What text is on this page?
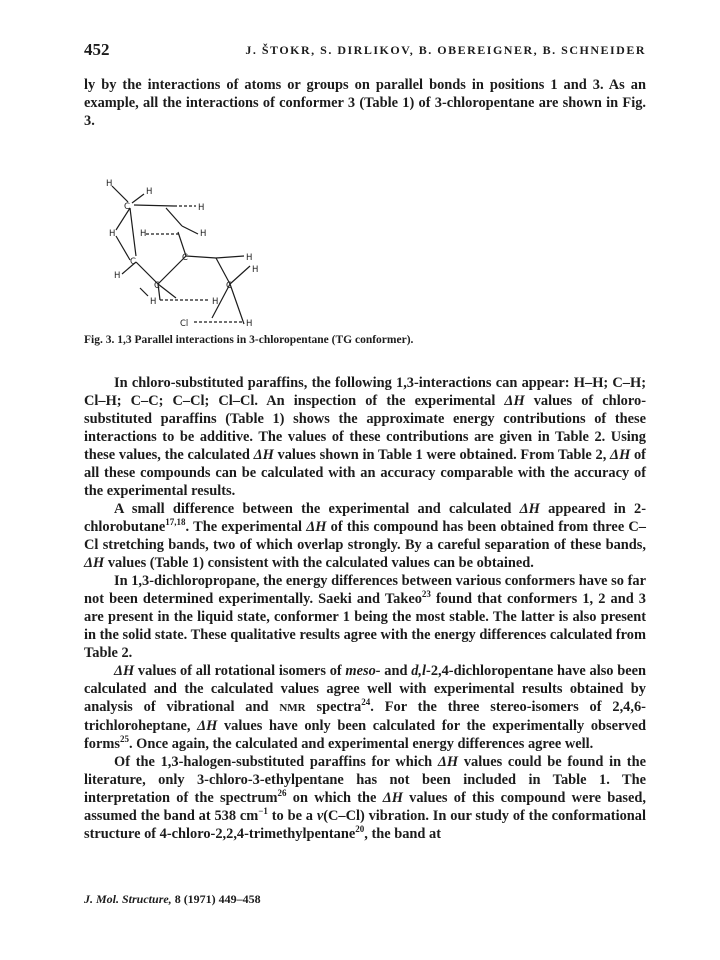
452	J. ŠTOKR, S. DIRLIKOV, B. OBEREIGNER, B. SCHNEIDER

ly by the interactions of atoms or groups on parallel bonds in positions 1 and 3. As an example, all the interactions of conformer 3 (Table 1) of 3-chloropentane are shown in Fig. 3.

H
H
C	H
H	H	H
C
H
C	H
C	C
H
H	H
Cl	H
Fig. 3. 1,3 Parallel interactions in 3-chloropentane (TG conformer).

In chloro-substituted paraffins, the following 1,3-interactions can appear: H–H; C–H; Cl–H; C–C; C–Cl; Cl–Cl. An inspection of the experimental ΔH values of chloro-substituted paraffins (Table 1) shows the approximate energy contributions of these interactions to be additive. The values of these contributions are given in Table 2. Using these values, the calculated ΔH values shown in Table 1 were obtained. From Table 2, ΔH of all these compounds can be calculated with an accuracy comparable with the accuracy of the experimental results.

A small difference between the experimental and calculated ΔH appeared in 2-chlorobutane$^{17,18}$. The experimental ΔH of this compound has been obtained from three C–Cl stretching bands, two of which overlap strongly. By a careful separation of these bands, ΔH values (Table 1) consistent with the calculated values can be obtained.

In 1,3-dichloropropane, the energy differences between various conformers have so far not been determined experimentally. Saeki and Takeo$^{23}$ found that conformers 1, 2 and 3 are present in the liquid state, conformer 1 being the most stable. The latter is also present in the solid state. These qualitative results agree with the energy differences calculated from Table 2.

ΔH values of all rotational isomers of meso- and d,l-2,4-dichloropentane have also been calculated and the calculated values agree well with experimental results obtained by analysis of vibrational and NMR spectra$^{24}$. For the three stereo-isomers of 2,4,6-trichloroheptane, ΔH values have only been calculated for the experimentally observed forms$^{25}$. Once again, the calculated and experimental energy differences agree well.

Of the 1,3-halogen-substituted paraffins for which ΔH values could be found in the literature, only 3-chloro-3-ethylpentane has not been included in Table 1. The interpretation of the spectrum$^{26}$ on which the ΔH values of this compound were based, assumed the band at 538 $cm^{-1}$ to be a ν(C–Cl) vibration. In our study of the conformational structure of 4-chloro-2,2,4-trimethylpentane$^{20}$, the band at

J. Mol. Structure, 8 (1971) 449–458
